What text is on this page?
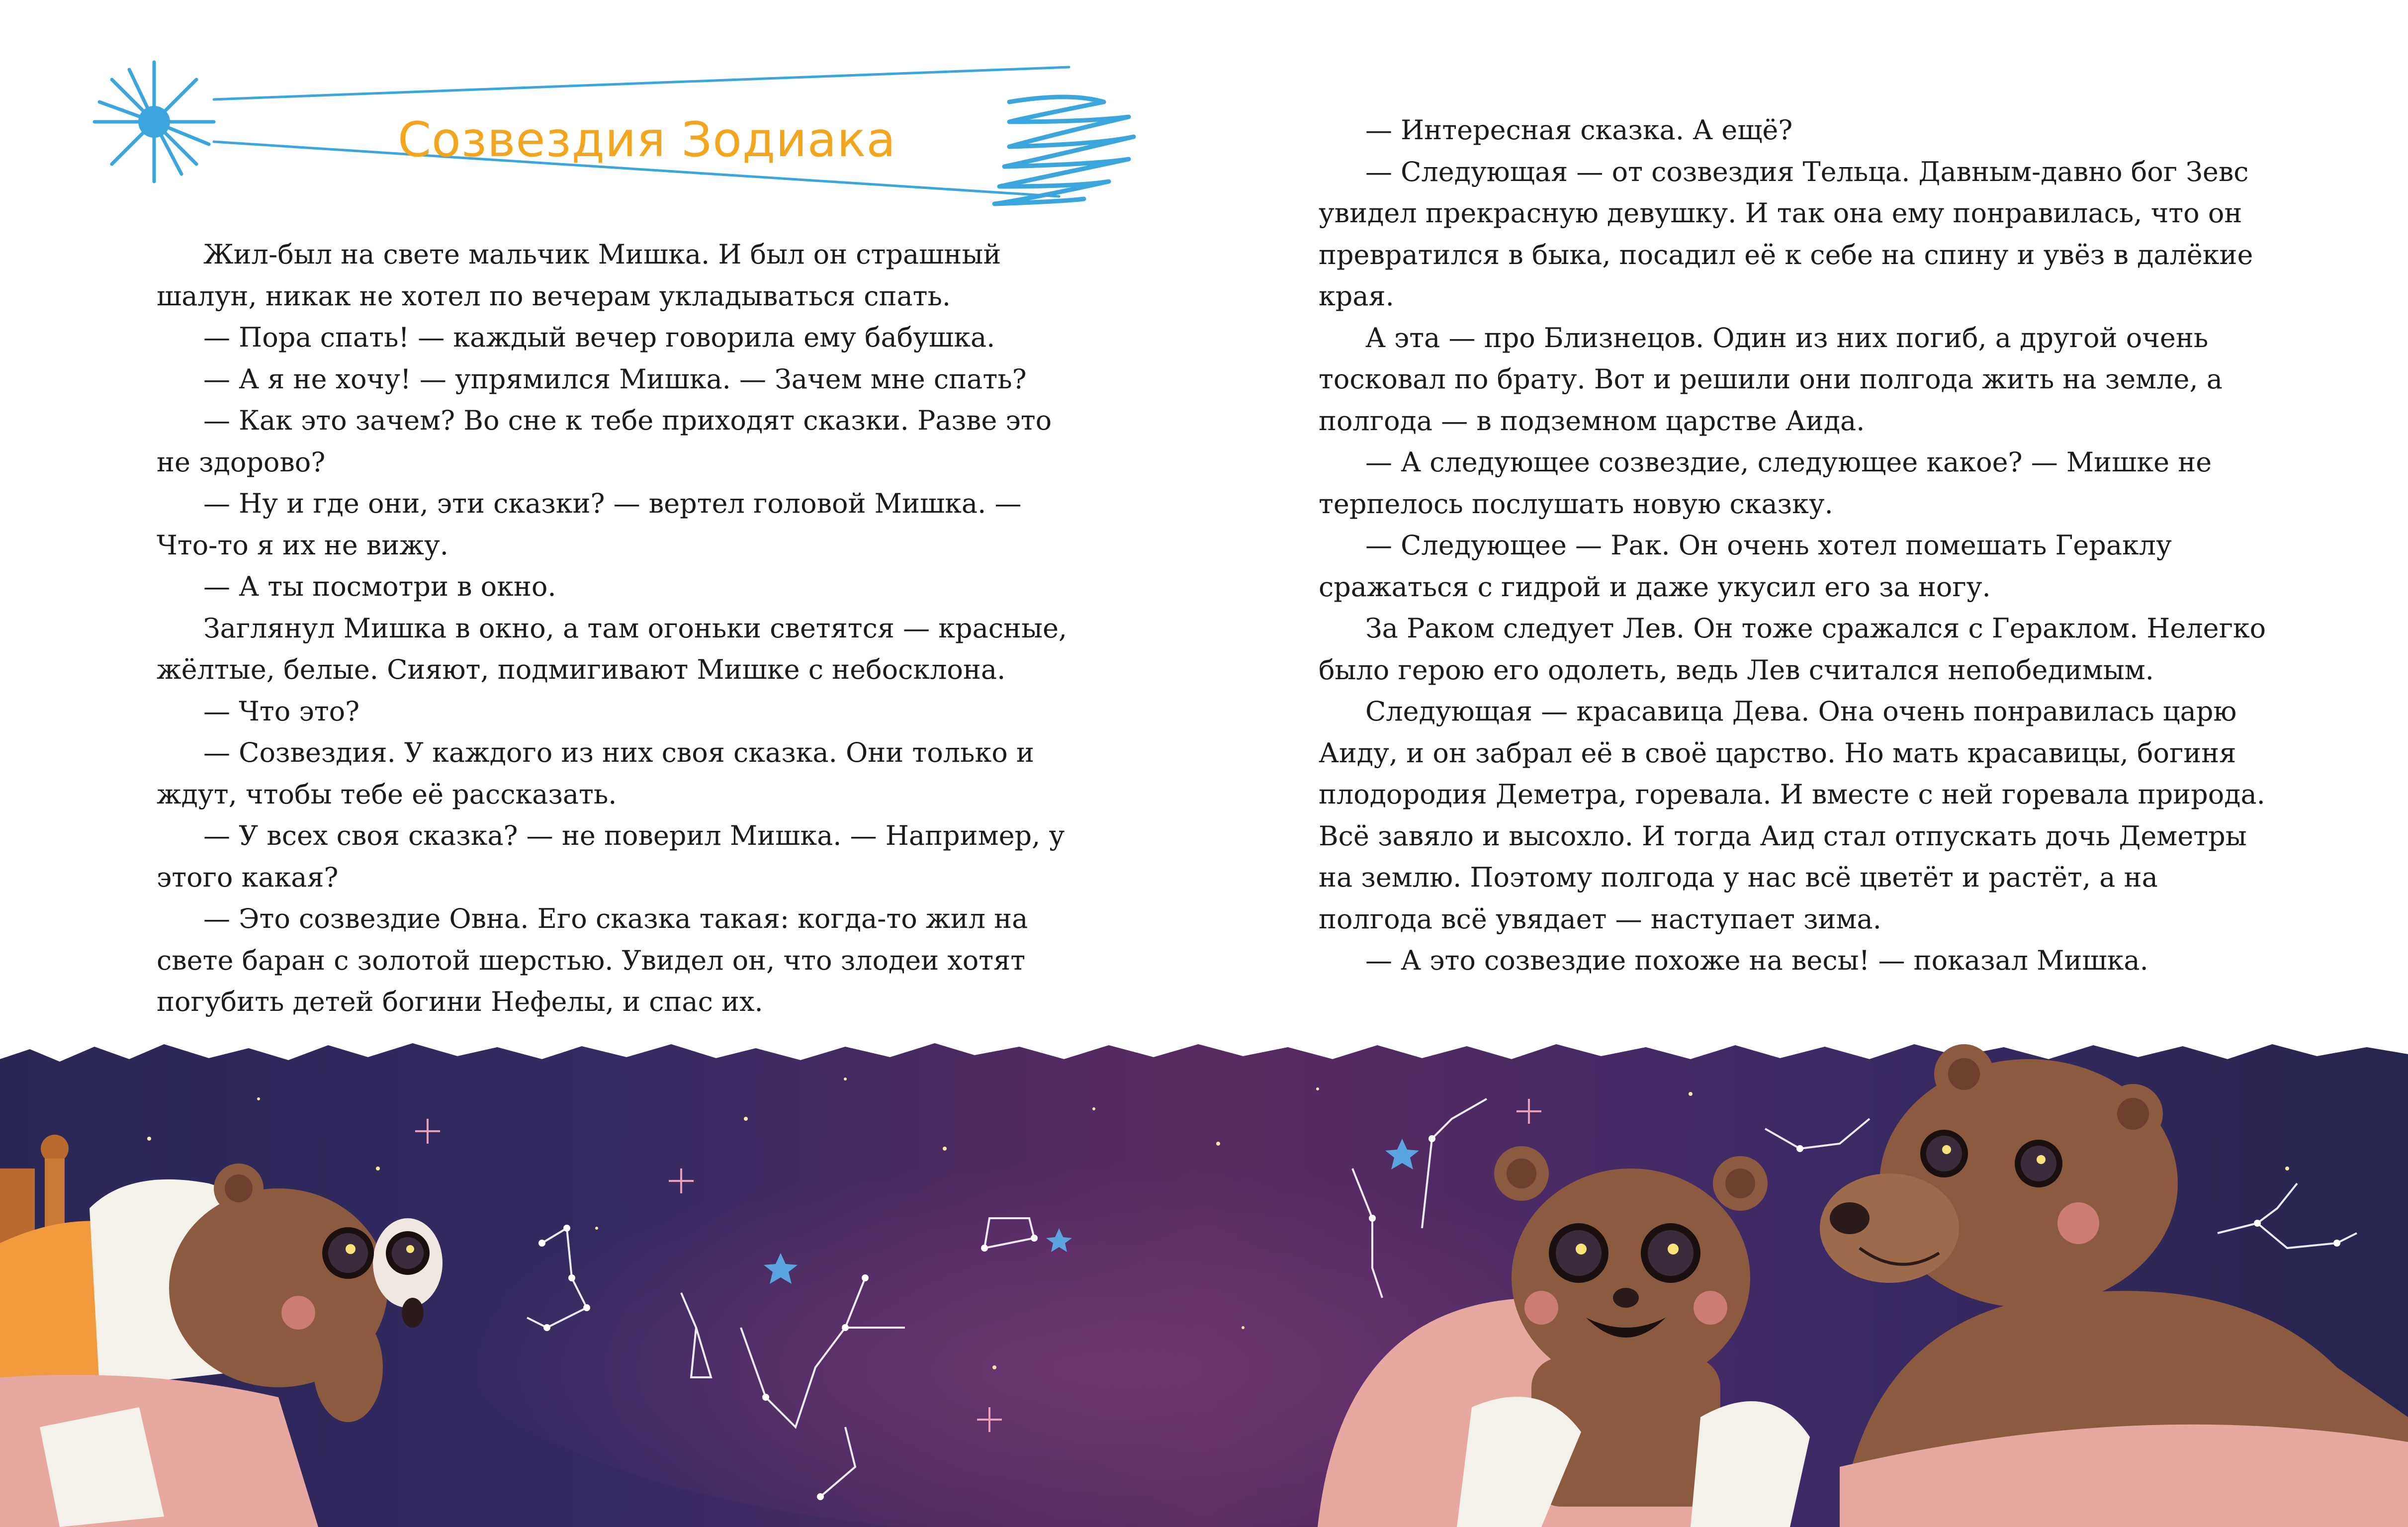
Созвездия Зодиака

Жил-был на свете мальчик Мишка. И был он страшный шалун, никак не хотел по вечерам укладываться спать.

— Пора спать! — каждый вечер говорила ему бабушка.

— А я не хочу! — упрямился Мишка. — Зачем мне спать?

— Как это зачем? Во сне к тебе приходят сказки. Разве это не здорово?

— Ну и где они, эти сказки? — вертел головой Мишка. — Что-то я их не вижу.

— А ты посмотри в окно.

Заглянул Мишка в окно, а там огоньки светятся — красные, жёлтые, белые. Сияют, подмигивают Мишке с небосклона.

— Что это?

— Созвездия. У каждого из них своя сказка. Они только и ждут, чтобы тебе её рассказать.

— У всех своя сказка? — не поверил Мишка. — Например, у этого какая?

— Это созвездие Овна. Его сказка такая: когда-то жил на свете баран с золотой шерстью. Увидел он, что злодеи хотят погубить детей богини Нефелы, и спас их.

— Интересная сказка. А ещё?

— Следующая — от созвездия Тельца. Давным-давно бог Зевс увидел прекрасную девушку. И так она ему понравилась, что он превратился в быка, посадил её к себе на спину и увёз в далёкие края.

А эта — про Близнецов. Один из них погиб, а другой очень тосковал по брату. Вот и решили они полгода жить на земле, а полгода — в подземном царстве Аида.

— А следующее созвездие, следующее какое? — Мишке не терпелось послушать новую сказку.

— Следующее — Рак. Он очень хотел помешать Гераклу сражаться с гидрой и даже укусил его за ногу.

За Раком следует Лев. Он тоже сражался с Гераклом. Нелегко было герою его одолеть, ведь Лев считался непобедимым.

Следующая — красавица Дева. Она очень понравилась царю Аиду, и он забрал её в своё царство. Но мать красавицы, богиня плодородия Деметра, горевала. И вместе с ней горевала природа. Всё завяло и высохло. И тогда Аид стал отпускать дочь Деметры на землю. Поэтому полгода у нас всё цветёт и растёт, а на полгода всё увядает — наступает зима.

— А это созвездие похоже на весы! — показал Мишка.
